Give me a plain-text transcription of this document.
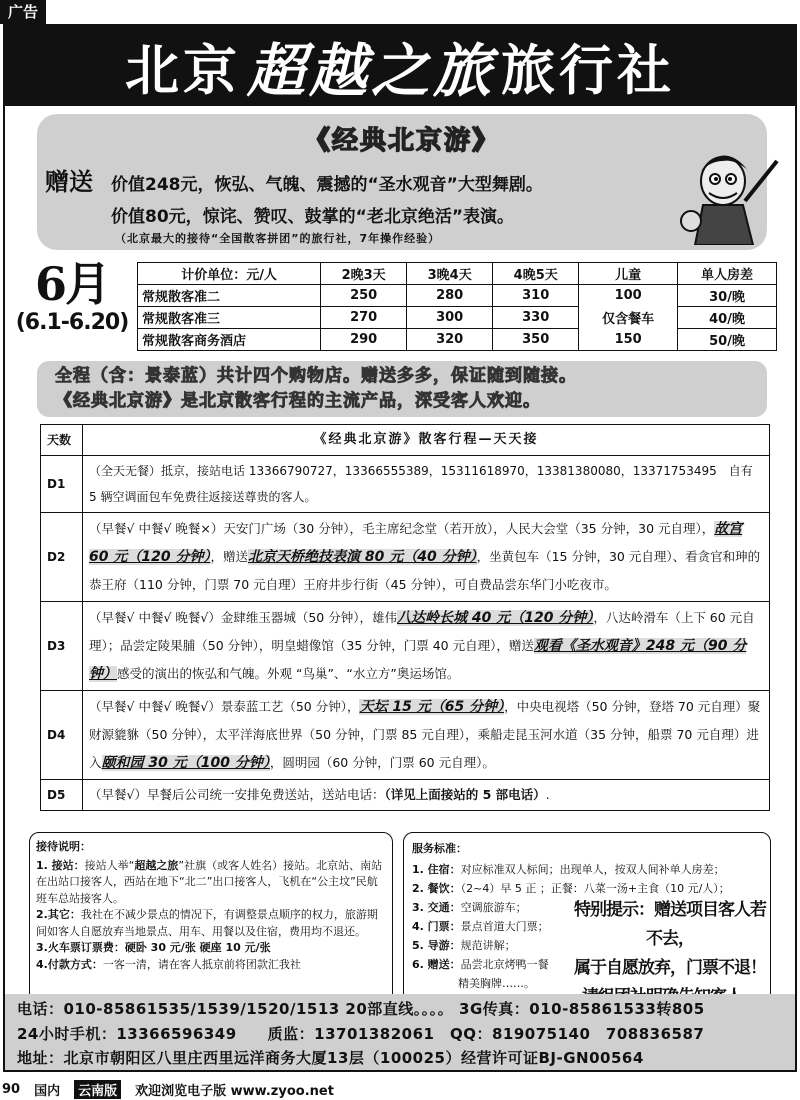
广告
北京 超越之旅 旅行社
《经典北京游》
赠送	价值248元，恢弘、气魄、震撼的“圣水观音”大型舞剧。
价值80元，惊诧、赞叹、鼓掌的“老北京绝活”表演。
（北京最大的接待“全国散客拼团”的旅行社，7年操作经验）
6月
(6.1-6.20)
计价单位：元/人	2晚3天	3晚4天	4晚5天	儿童	单人房差
常规散客准二	250	280	310	100	30/晚
常规散客准三	270	300	330	仅含餐车	40/晚
常规散客商务酒店	290	320	350	150	50/晚
全程（含：景泰蓝）共计四个购物店。赠送多多，保证随到随接。
《经典北京游》是北京散客行程的主流产品，深受客人欢迎。
天数	《经典北京游》散客行程—天天接
D1	（全天无餐）抵京，接站电话 13366790727，13366555389，15311618970，13381380080，13371753495　自有 5 辆空调面包车免费往返接送尊贵的客人。
D2	（早餐√ 中餐√ 晚餐×）天安门广场（30 分钟），毛主席纪念堂（若开放），人民大会堂（35 分钟，30 元自理），故宫 60 元（120 分钟），赠送北京天桥绝技表演 80 元（40 分钟），坐黄包车（15 分钟，30 元自理）、看贪官和珅的恭王府（110 分钟，门票 70 元自理）王府井步行街（45 分钟），可自费品尝东华门小吃夜市。
D3	（早餐√ 中餐√ 晚餐√）金肆维玉器城（50 分钟），雄伟八达岭长城 40 元（120 分钟），八达岭滑车（上下 60 元自理）；品尝定陵果脯（50 分钟），明皇蜡像馆（35 分钟，门票 40 元自理），赠送观看《圣水观音》248 元（90 分钟）感受的演出的恢弘和气魄。外观 “鸟巢”、“水立方”奥运场馆。
D4	（早餐√ 中餐√ 晚餐√）景泰蓝工艺（50 分钟），天坛 15 元（65 分钟），中央电视塔（50 分钟，登塔 70 元自理）聚财源貔貅（50 分钟），太平洋海底世界（50 分钟，门票 85 元自理），乘船走昆玉河水道（35 分钟，船票 70 元自理）进入颐和园 30 元（100 分钟），圆明园（60 分钟，门票 60 元自理）。
D5	（早餐√）早餐后公司统一安排免费送站，送站电话：（详见上面接站的 5 部电话）.
接待说明：
1. 接站：接站人举“超越之旅”社旗（或客人姓名）接站。北京站、南站在出站口接客人，西站在地下“北二”出口接客人，飞机在“公主坟”民航班车总站接客人。
2.其它：我社在不减少景点的情况下，有调整景点顺序的权力，旅游期间如客人自愿放弃当地景点、用车、用餐以及住宿，费用均不退还。
3.火车票订票费：硬卧 30 元/张 硬座 10 元/张
4.付款方式：一客一清，请在客人抵京前将团款汇我社
服务标准：
1. 住宿：对应标准双人标间；出现单人，按双人间补单人房差；
2. 餐饮：（2~4）早 5 正 ；正餐：八菜一汤+主食（10 元/人）；
3. 交通：空调旅游车；
4. 门票：景点首道大门票；
5. 导游：规范讲解；
6. 赠送：品尝北京烤鸭一餐
精美胸牌……。
特别提示：赠送项目客人若不去，
属于自愿放弃，门票不退！
电话：010-85861535/1539/1520/1513 20部直线。。。。 3G传真：010-85861533转805
24小时手机：13366596349　　质监：13701382061　QQ：819075140　708836587
地址：北京市朝阳区八里庄西里远洋商务大厦13层（100025）经营许可证BJ-GN00564
90 国内	云南版	欢迎浏览电子版 www.zyoo.net
